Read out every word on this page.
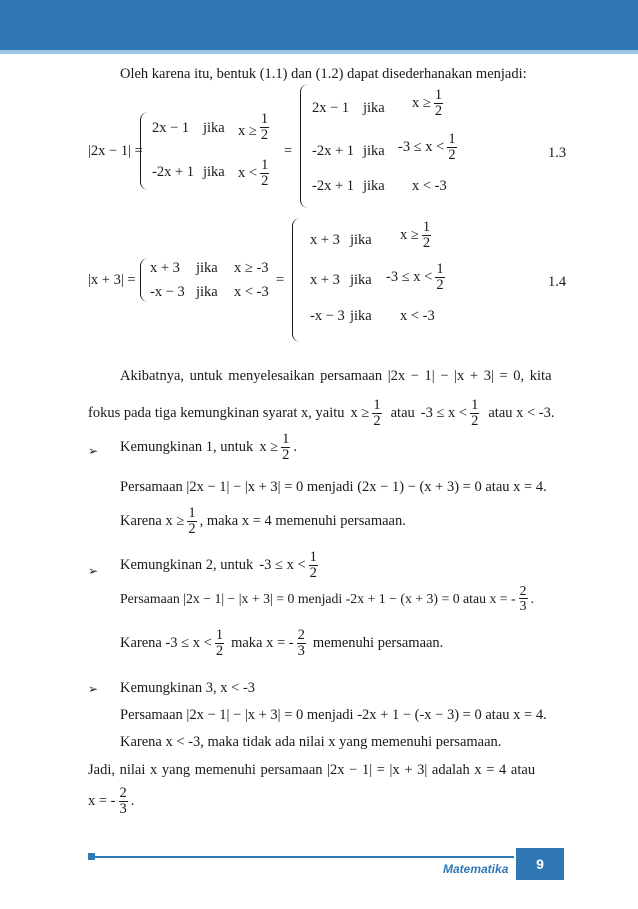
Oleh karena itu, bentuk (1.1) dan (1.2) dapat disederhanakan menjadi:
|2x − 1| =
2x − 1 jika $x \ge \frac{1}{2}$
-2x + 1 jika $x < \frac{1}{2}$
=
2x − 1 jika $x \ge \frac{1}{2}$
-2x + 1 jika $-3 \le x < \frac{1}{2}$
-2x + 1 jika x < -3
1.3
|x + 3| =
x + 3 jika x ≥ -3
-x − 3 jika x < -3
=
x + 3 jika $x \ge \frac{1}{2}$
x + 3 jika $-3 \le x < \frac{1}{2}$
-x − 3 jika x < -3
1.4
Akibatnya, untuk menyelesaikan persamaan |2x − 1| − |x + 3| = 0, kita
fokus pada tiga kemungkinan syarat x, yaitu $x \ge \frac{1}{2}$ atau $-3 \le x < \frac{1}{2}$ atau x < -3.
➢ Kemungkinan 1, untuk $x \ge \frac{1}{2}$ .
Persamaan |2x − 1| − |x + 3| = 0 menjadi (2x − 1) − (x + 3) = 0 atau x = 4.
Karena $x \ge \frac{1}{2}$ , maka x = 4 memenuhi persamaan.
➢ Kemungkinan 2, untuk $-3 \le x < \frac{1}{2}$
Persamaan |2x − 1| − |x + 3| = 0 menjadi -2x + 1 − (x + 3) = 0 atau x = - $\frac{2}{3}$ .
Karena $-3 \le x < \frac{1}{2}$ maka x = - $\frac{2}{3}$ memenuhi persamaan.
➢ Kemungkinan 3, x < -3
Persamaan |2x − 1| − |x + 3| = 0 menjadi -2x + 1 − (-x − 3) = 0 atau x = 4.
Karena x < -3, maka tidak ada nilai x yang memenuhi persamaan.
Jadi, nilai x yang memenuhi persamaan |2x − 1| = |x + 3| adalah x = 4 atau
x = - $\frac{2}{3}$ .
Matematika	9
